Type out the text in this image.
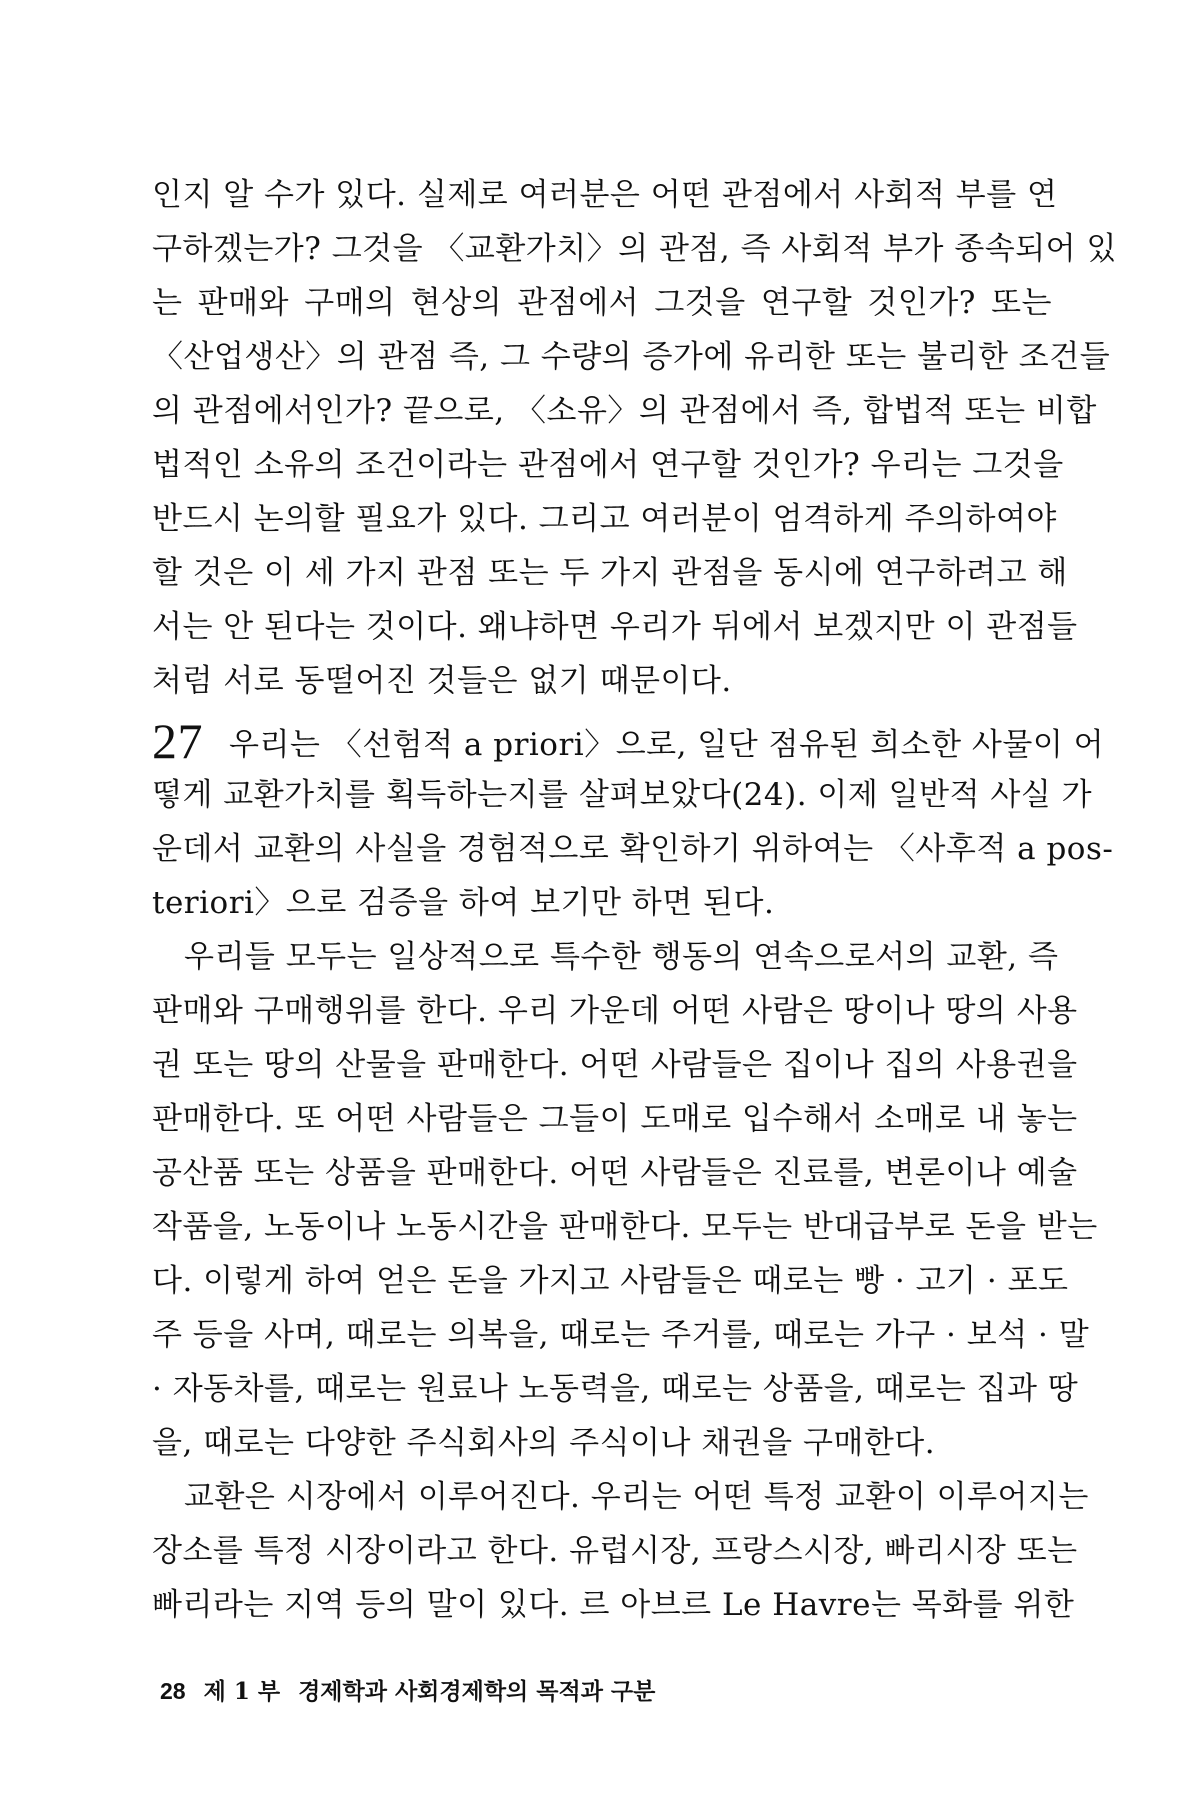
인지 알 수가 있다. 실제로 여러분은 어떤 관점에서 사회적 부를 연
구하겠는가? 그것을 〈교환가치〉의 관점, 즉 사회적 부가 종속되어 있
는 판매와 구매의 현상의 관점에서 그것을 연구할 것인가? 또는
〈산업생산〉의 관점 즉, 그 수량의 증가에 유리한 또는 불리한 조건들
의 관점에서인가? 끝으로, 〈소유〉의 관점에서 즉, 합법적 또는 비합
법적인 소유의 조건이라는 관점에서 연구할 것인가? 우리는 그것을
반드시 논의할 필요가 있다. 그리고 여러분이 엄격하게 주의하여야
할 것은 이 세 가지 관점 또는 두 가지 관점을 동시에 연구하려고 해
서는 안 된다는 것이다. 왜냐하면 우리가 뒤에서 보겠지만 이 관점들
처럼 서로 동떨어진 것들은 없기 때문이다.
27 우리는 〈선험적 a priori〉으로, 일단 점유된 희소한 사물이 어
떻게 교환가치를 획득하는지를 살펴보았다(24). 이제 일반적 사실 가
운데서 교환의 사실을 경험적으로 확인하기 위하여는 〈사후적 a pos-
teriori〉으로 검증을 하여 보기만 하면 된다.
우리들 모두는 일상적으로 특수한 행동의 연속으로서의 교환, 즉
판매와 구매행위를 한다. 우리 가운데 어떤 사람은 땅이나 땅의 사용
권 또는 땅의 산물을 판매한다. 어떤 사람들은 집이나 집의 사용권을
판매한다. 또 어떤 사람들은 그들이 도매로 입수해서 소매로 내 놓는
공산품 또는 상품을 판매한다. 어떤 사람들은 진료를, 변론이나 예술
작품을, 노동이나 노동시간을 판매한다. 모두는 반대급부로 돈을 받는
다. 이렇게 하여 얻은 돈을 가지고 사람들은 때로는 빵 · 고기 · 포도
주 등을 사며, 때로는 의복을, 때로는 주거를, 때로는 가구 · 보석 · 말
· 자동차를, 때로는 원료나 노동력을, 때로는 상품을, 때로는 집과 땅
을, 때로는 다양한 주식회사의 주식이나 채권을 구매한다.
교환은 시장에서 이루어진다. 우리는 어떤 특정 교환이 이루어지는
장소를 특정 시장이라고 한다. 유럽시장, 프랑스시장, 빠리시장 또는
빠리라는 지역 등의 말이 있다. 르 아브르 Le Havre는 목화를 위한
28 제 1 부 경제학과 사회경제학의 목적과 구분
